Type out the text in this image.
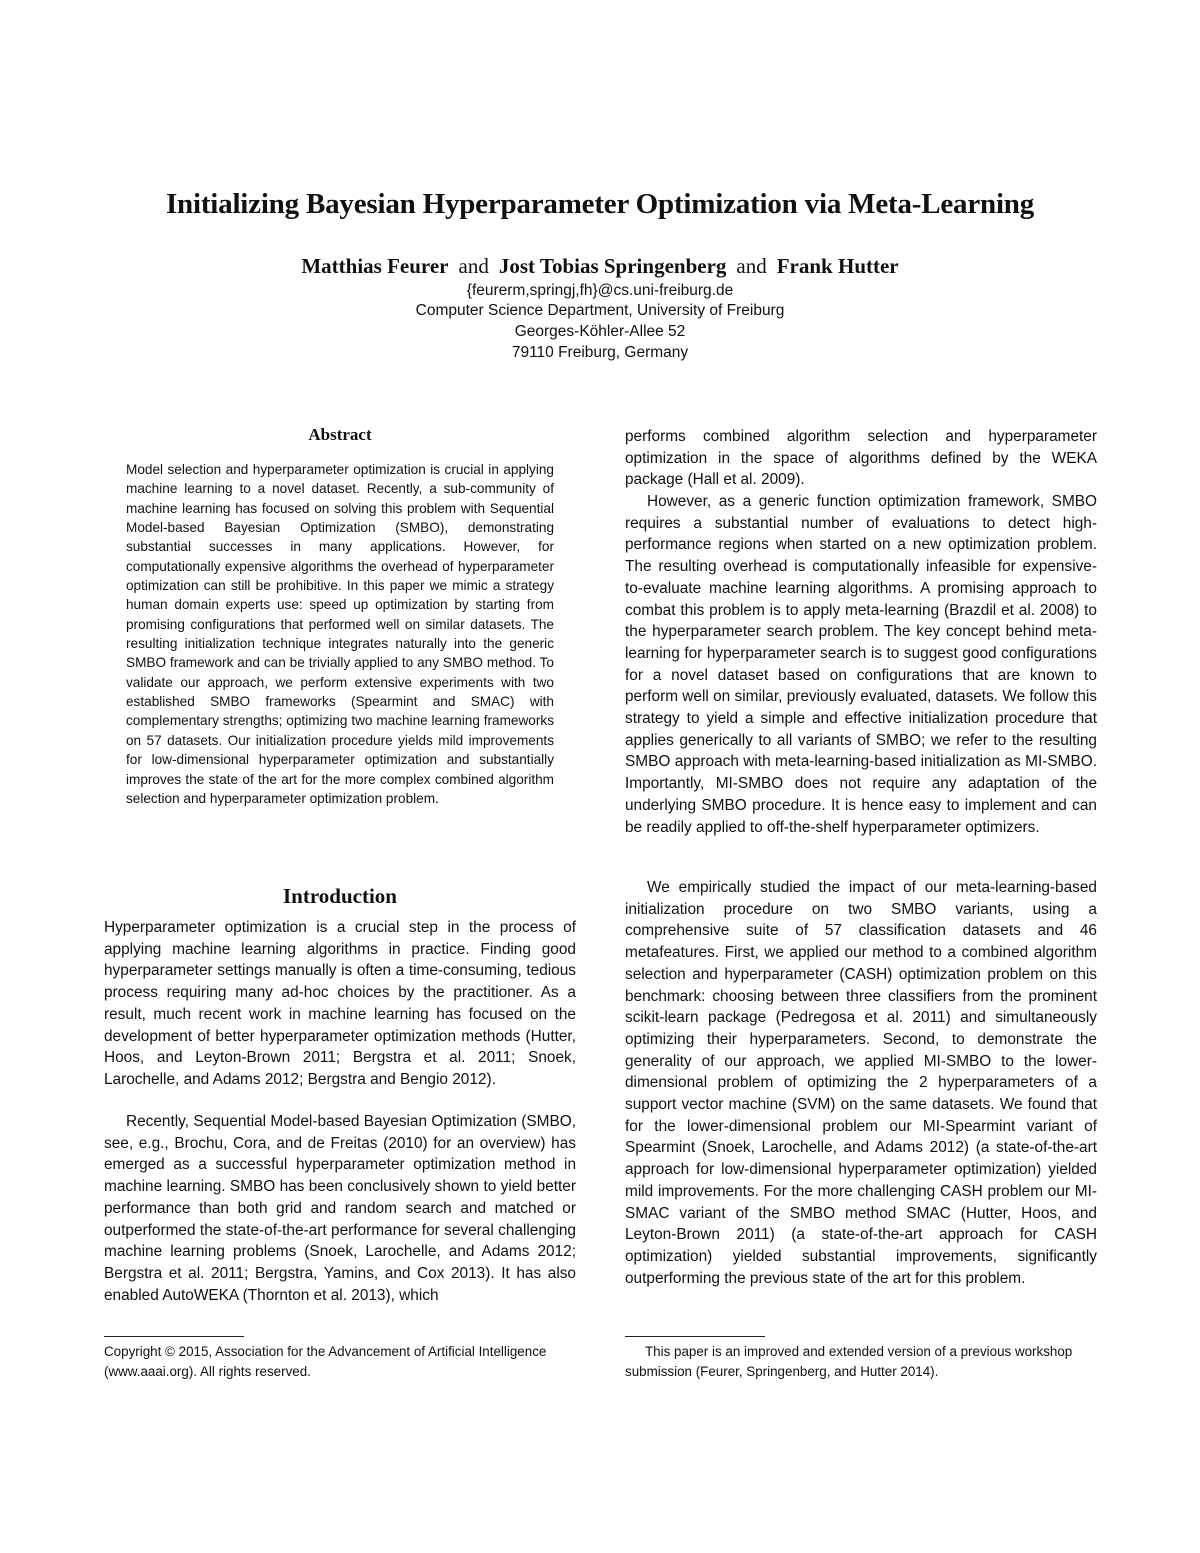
Initializing Bayesian Hyperparameter Optimization via Meta-Learning

Matthias Feurer and Jost Tobias Springenberg and Frank Hutter

{feurerm,springj,fh}@cs.uni-freiburg.de

Computer Science Department, University of Freiburg

Georges-Köhler-Allee 52

79110 Freiburg, Germany

Abstract

Model selection and hyperparameter optimization is crucial in applying machine learning to a novel dataset. Recently, a sub-community of machine learning has focused on solving this problem with Sequential Model-based Bayesian Optimization (SMBO), demonstrating substantial successes in many applications. However, for computationally expensive algorithms the overhead of hyperparameter optimization can still be prohibitive. In this paper we mimic a strategy human domain experts use: speed up optimization by starting from promising configurations that performed well on similar datasets. The resulting initialization technique integrates naturally into the generic SMBO framework and can be trivially applied to any SMBO method. To validate our approach, we perform extensive experiments with two established SMBO frameworks (Spearmint and SMAC) with complementary strengths; optimizing two machine learning frameworks on 57 datasets. Our initialization procedure yields mild improvements for low-dimensional hyperparameter optimization and substantially improves the state of the art for the more complex combined algorithm selection and hyperparameter optimization problem.

Introduction

Hyperparameter optimization is a crucial step in the process of applying machine learning algorithms in practice. Finding good hyperparameter settings manually is often a time-consuming, tedious process requiring many ad-hoc choices by the practitioner. As a result, much recent work in machine learning has focused on the development of better hyperparameter optimization methods (Hutter, Hoos, and Leyton-Brown 2011; Bergstra et al. 2011; Snoek, Larochelle, and Adams 2012; Bergstra and Bengio 2012).

Recently, Sequential Model-based Bayesian Optimization (SMBO, see, e.g., Brochu, Cora, and de Freitas (2010) for an overview) has emerged as a successful hyperparameter optimization method in machine learning. SMBO has been conclusively shown to yield better performance than both grid and random search and matched or outperformed the state-of-the-art performance for several challenging machine learning problems (Snoek, Larochelle, and Adams 2012; Bergstra et al. 2011; Bergstra, Yamins, and Cox 2013). It has also enabled AutoWEKA (Thornton et al. 2013), which

performs combined algorithm selection and hyperparameter optimization in the space of algorithms defined by the WEKA package (Hall et al. 2009).

However, as a generic function optimization framework, SMBO requires a substantial number of evaluations to detect high-performance regions when started on a new optimization problem. The resulting overhead is computationally infeasible for expensive-to-evaluate machine learning algorithms. A promising approach to combat this problem is to apply meta-learning (Brazdil et al. 2008) to the hyperparameter search problem. The key concept behind meta-learning for hyperparameter search is to suggest good configurations for a novel dataset based on configurations that are known to perform well on similar, previously evaluated, datasets. We follow this strategy to yield a simple and effective initialization procedure that applies generically to all variants of SMBO; we refer to the resulting SMBO approach with meta-learning-based initialization as MI-SMBO. Importantly, MI-SMBO does not require any adaptation of the underlying SMBO procedure. It is hence easy to implement and can be readily applied to off-the-shelf hyperparameter optimizers.

We empirically studied the impact of our meta-learning-based initialization procedure on two SMBO variants, using a comprehensive suite of 57 classification datasets and 46 metafeatures. First, we applied our method to a combined algorithm selection and hyperparameter (CASH) optimization problem on this benchmark: choosing between three classifiers from the prominent scikit-learn package (Pedregosa et al. 2011) and simultaneously optimizing their hyperparameters. Second, to demonstrate the generality of our approach, we applied MI-SMBO to the lower-dimensional problem of optimizing the 2 hyperparameters of a support vector machine (SVM) on the same datasets. We found that for the lower-dimensional problem our MI-Spearmint variant of Spearmint (Snoek, Larochelle, and Adams 2012) (a state-of-the-art approach for low-dimensional hyperparameter optimization) yielded mild improvements. For the more challenging CASH problem our MI-SMAC variant of the SMBO method SMAC (Hutter, Hoos, and Leyton-Brown 2011) (a state-of-the-art approach for CASH optimization) yielded substantial improvements, significantly outperforming the previous state of the art for this problem.

Copyright © 2015, Association for the Advancement of Artificial Intelligence (www.aaai.org). All rights reserved.

This paper is an improved and extended version of a previous workshop submission (Feurer, Springenberg, and Hutter 2014).
